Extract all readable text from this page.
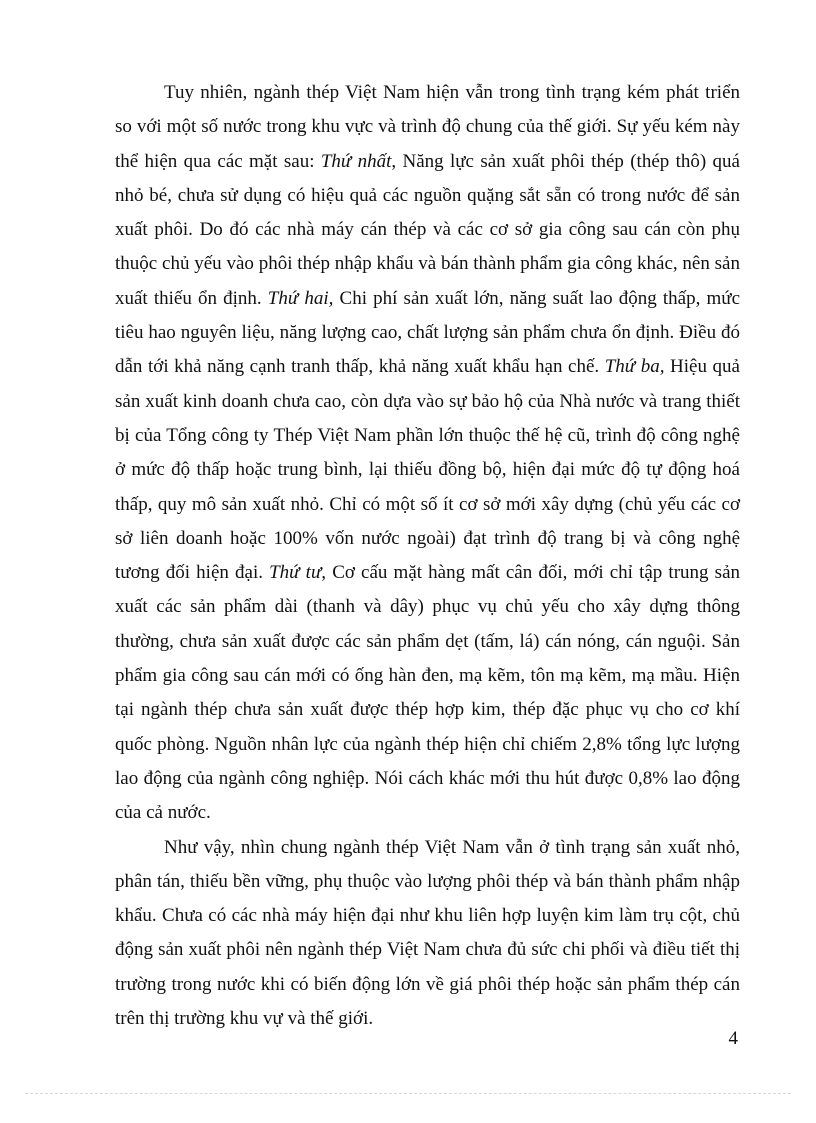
Tuy nhiên, ngành thép Việt Nam hiện vẫn trong tình trạng kém phát triển so với một số nước trong khu vực và trình độ chung của thế giới. Sự yếu kém này thể hiện qua các mặt sau: Thứ nhất, Năng lực sản xuất phôi thép (thép thô) quá nhỏ bé, chưa sử dụng có hiệu quả các nguồn quặng sắt sẵn có trong nước để sản xuất phôi. Do đó các nhà máy cán thép và các cơ sở gia công sau cán còn phụ thuộc chủ yếu vào phôi thép nhập khẩu và bán thành phẩm gia công khác, nên sản xuất thiếu ổn định. Thứ hai, Chi phí sản xuất lớn, năng suất lao động thấp, mức tiêu hao nguyên liệu, năng lượng cao, chất lượng sản phẩm chưa ổn định. Điều đó dẫn tới khả năng cạnh tranh thấp, khả năng xuất khẩu hạn chế. Thứ ba, Hiệu quả sản xuất kinh doanh chưa cao, còn dựa vào sự bảo hộ của Nhà nước và trang thiết bị của Tổng công ty Thép Việt Nam phần lớn thuộc thế hệ cũ, trình độ công nghệ ở mức độ thấp hoặc trung bình, lại thiếu đồng bộ, hiện đại mức độ tự động hoá thấp, quy mô sản xuất nhỏ. Chỉ có một số ít cơ sở mới xây dựng (chủ yếu các cơ sở liên doanh hoặc 100% vốn nước ngoài) đạt trình độ trang bị và công nghệ tương đối hiện đại. Thứ tư, Cơ cấu mặt hàng mất cân đối, mới chỉ tập trung sản xuất các sản phẩm dài (thanh và dây) phục vụ chủ yếu cho xây dựng thông thường, chưa sản xuất được các sản phẩm dẹt (tấm, lá) cán nóng, cán nguội. Sản phẩm gia công sau cán mới có ống hàn đen, mạ kẽm, tôn mạ kẽm, mạ mầu. Hiện tại ngành thép chưa sản xuất được thép hợp kim, thép đặc phục vụ cho cơ khí quốc phòng. Nguồn nhân lực của ngành thép hiện chỉ chiếm 2,8% tổng lực lượng lao động của ngành công nghiệp. Nói cách khác mới thu hút được 0,8% lao động của cả nước.

Như vậy, nhìn chung ngành thép Việt Nam vẫn ở tình trạng sản xuất nhỏ, phân tán, thiếu bền vững, phụ thuộc vào lượng phôi thép và bán thành phẩm nhập khẩu. Chưa có các nhà máy hiện đại như khu liên hợp luyện kim làm trụ cột, chủ động sản xuất phôi nên ngành thép Việt Nam chưa đủ sức chi phối và điều tiết thị trường trong nước khi có biến động lớn về giá phôi thép hoặc sản phẩm thép cán trên thị trường khu vự và thế giới.

4
